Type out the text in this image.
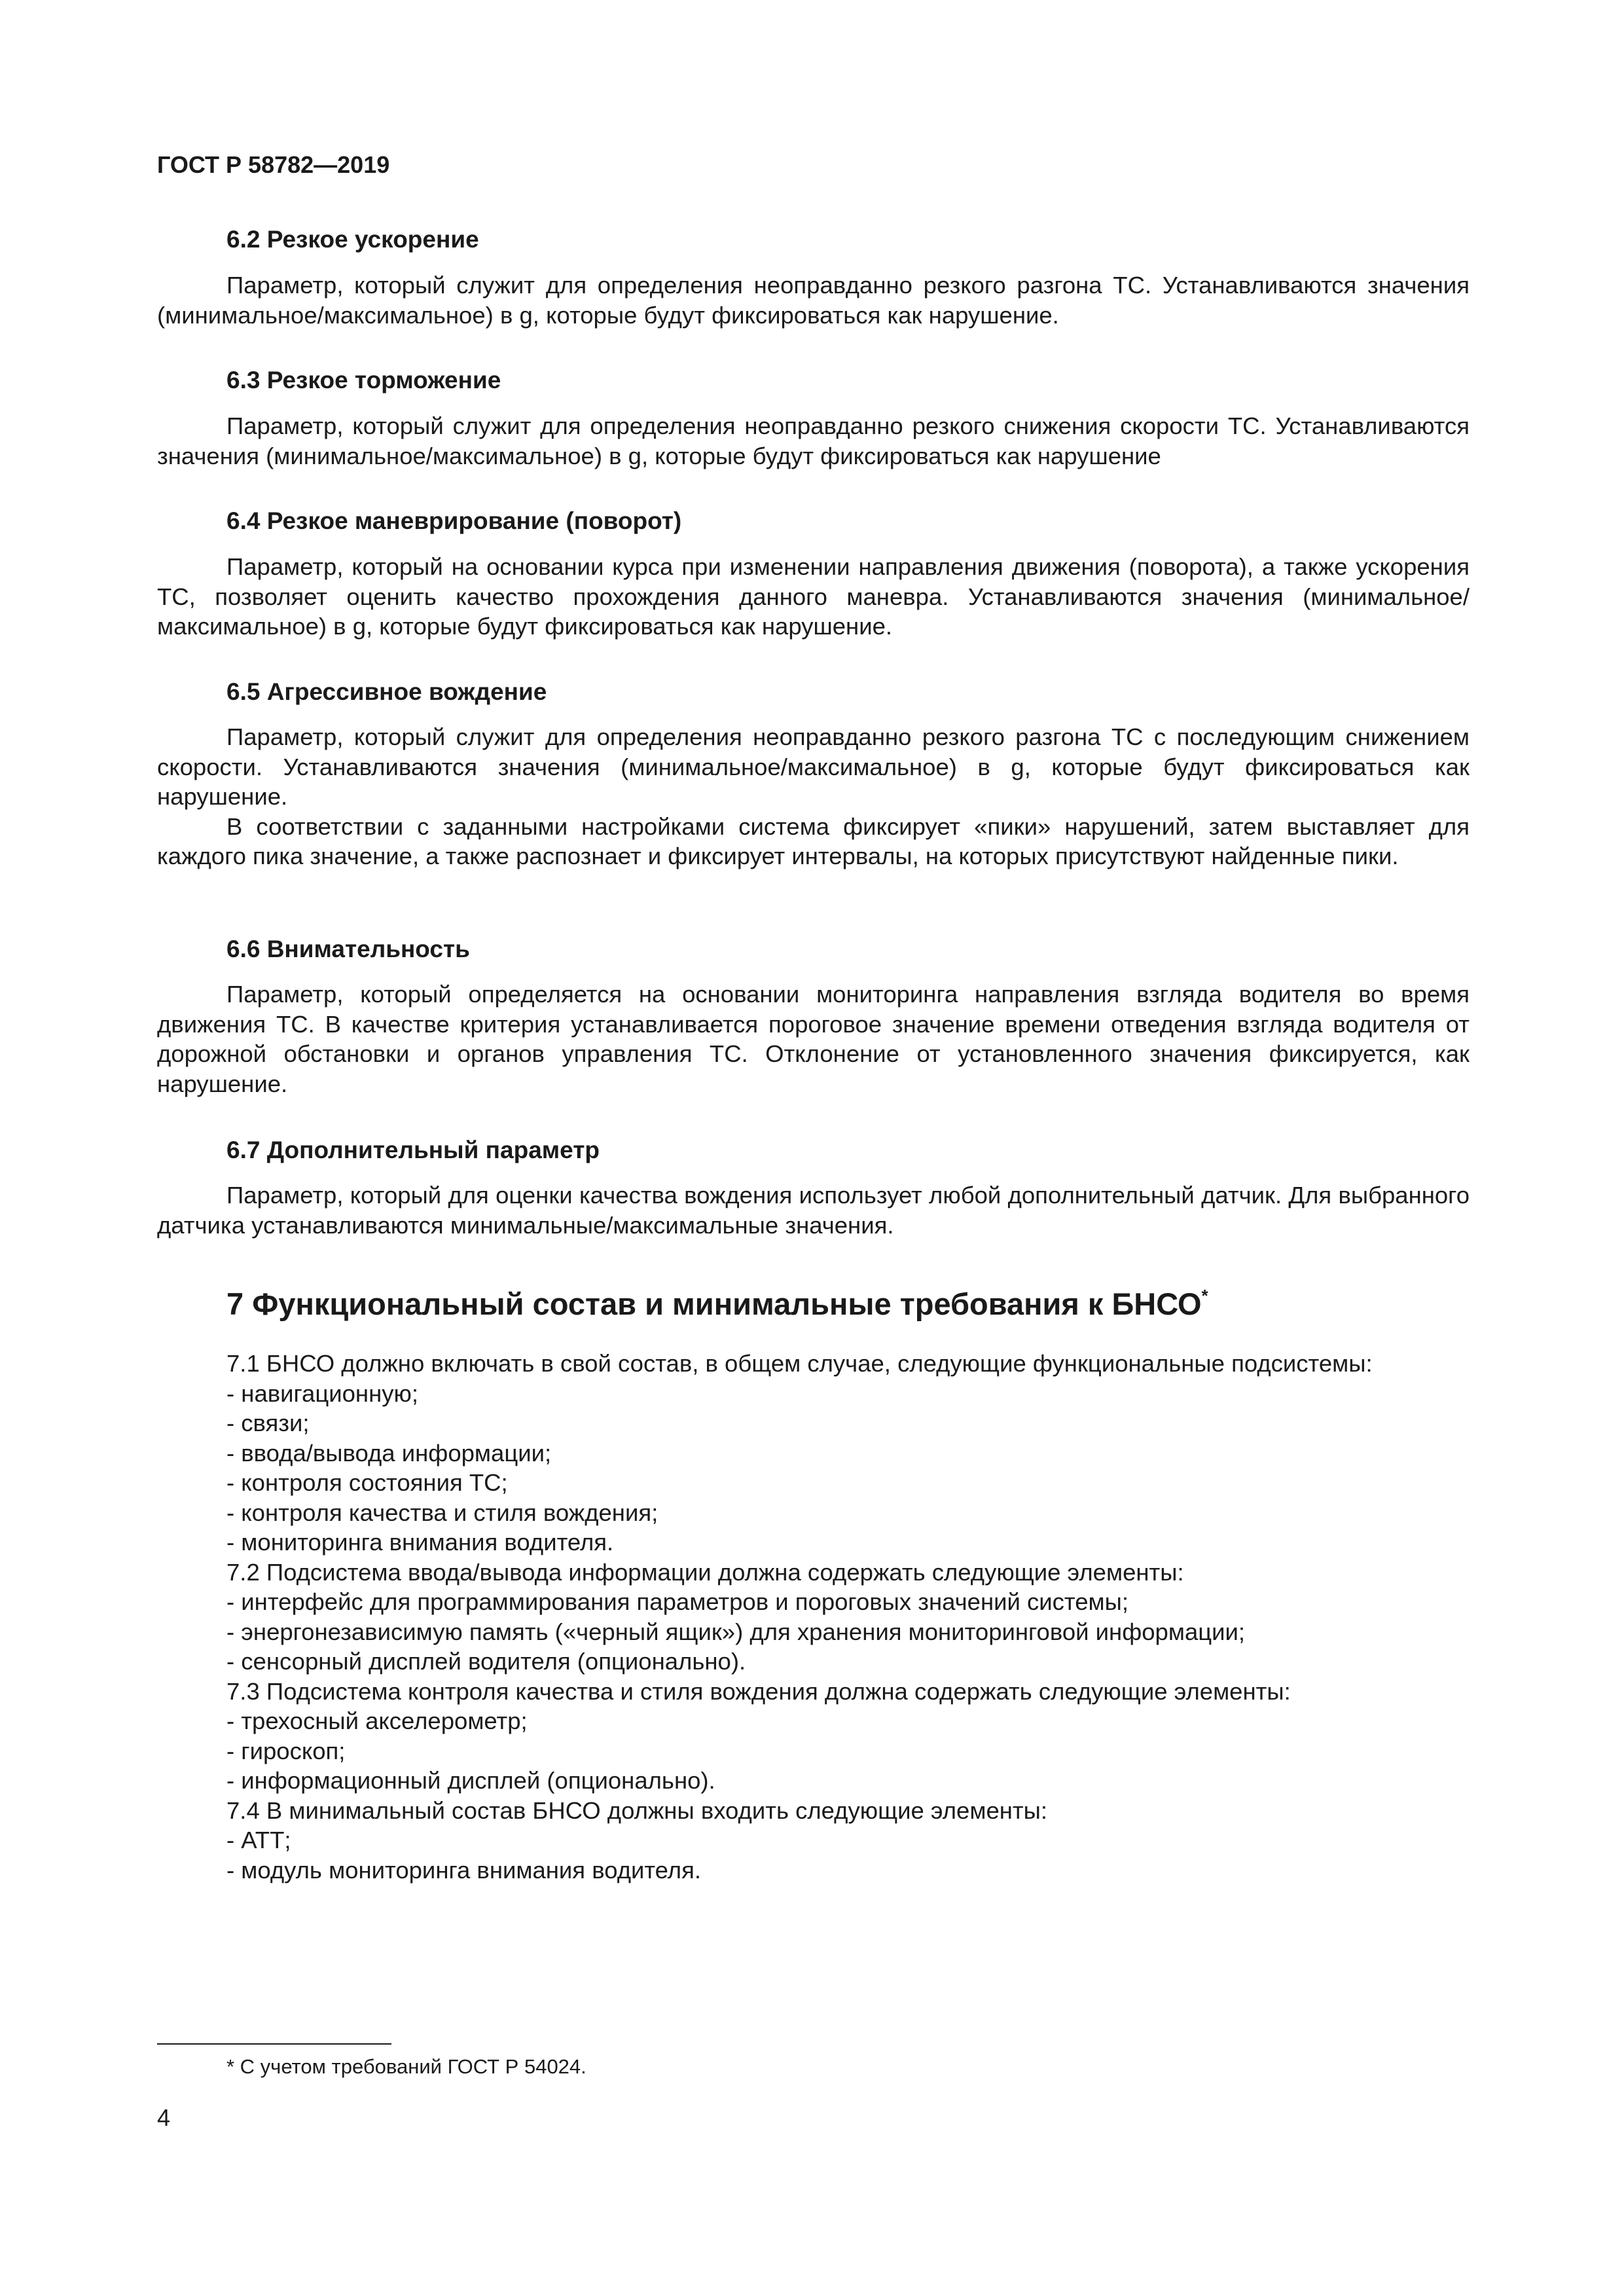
ГОСТ Р 58782—2019
6.2 Резкое ускорение

Параметр, который служит для определения неоправданно резкого разгона ТС. Устанавливаются значения (минимальное/максимальное) в g, которые будут фиксироваться как нарушение.

6.3 Резкое торможение

Параметр, который служит для определения неоправданно резкого снижения скорости ТС. Устанавливаются значения (минимальное/максимальное) в g, которые будут фиксироваться как нарушение

6.4 Резкое маневрирование (поворот)

Параметр, который на основании курса при изменении направления движения (поворота), а также ускорения ТС, позволяет оценить качество прохождения данного маневра. Устанавливаются значения (минимальное/максимальное) в g, которые будут фиксироваться как нарушение.

6.5 Агрессивное вождение

Параметр, который служит для определения неоправданно резкого разгона ТС с последующим снижением скорости. Устанавливаются значения (минимальное/максимальное) в g, которые будут фиксироваться как нарушение.

В соответствии с заданными настройками система фиксирует «пики» нарушений, затем выставляет для каждого пика значение, а также распознает и фиксирует интервалы, на которых присутствуют найденные пики.

6.6 Внимательность

Параметр, который определяется на основании мониторинга направления взгляда водителя во время движения ТС. В качестве критерия устанавливается пороговое значение времени отведения взгляда водителя от дорожной обстановки и органов управления ТС. Отклонение от установленного значения фиксируется, как нарушение.

6.7 Дополнительный параметр

Параметр, который для оценки качества вождения использует любой дополнительный датчик. Для выбранного датчика устанавливаются минимальные/максимальные значения.

7 Функциональный состав и минимальные требования к БНСО*

7.1 БНСО должно включать в свой состав, в общем случае, следующие функциональные подсистемы:

- навигационную;

- связи;

- ввода/вывода информации;

- контроля состояния ТС;

- контроля качества и стиля вождения;

- мониторинга внимания водителя.

7.2 Подсистема ввода/вывода информации должна содержать следующие элементы:

- интерфейс для программирования параметров и пороговых значений системы;

- энергонезависимую память («черный ящик») для хранения мониторинговой информации;

- сенсорный дисплей водителя (опционально).

7.3 Подсистема контроля качества и стиля вождения должна содержать следующие элементы:

- трехосный акселерометр;

- гироскоп;

- информационный дисплей (опционально).

7.4 В минимальный состав БНСО должны входить следующие элементы:

- АТТ;

- модуль мониторинга внимания водителя.

* С учетом требований ГОСТ Р 54024.
4
